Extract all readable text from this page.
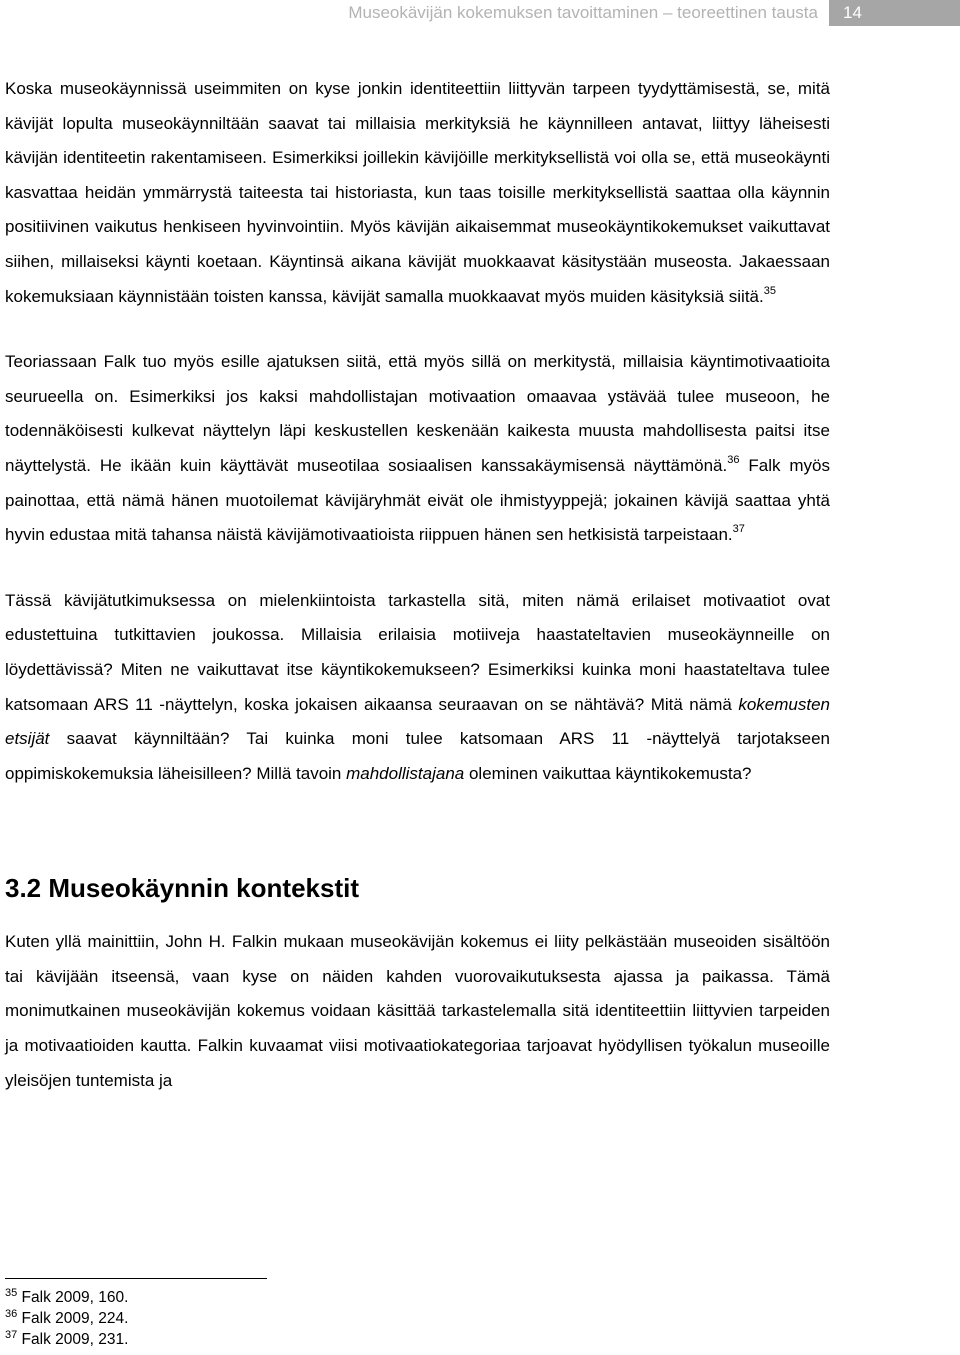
Museokävijän kokemuksen tavoittaminen – teoreettinen tausta 14

Koska museokäynnissä useimmiten on kyse jonkin identiteettiin liittyvän tarpeen tyydyttämisestä, se, mitä kävijät lopulta museokäynniltään saavat tai millaisia merkityksiä he käynnilleen antavat, liittyy läheisesti kävijän identiteetin rakentamiseen. Esimerkiksi joillekin kävijöille merkityksellistä voi olla se, että museokäynti kasvattaa heidän ymmärrystä taiteesta tai historiasta, kun taas toisille merkityksellistä saattaa olla käynnin positiivinen vaikutus henkiseen hyvinvointiin. Myös kävijän aikaisemmat museokäyntikokemukset vaikuttavat siihen, millaiseksi käynti koetaan. Käyntinsä aikana kävijät muokkaavat käsitystään museosta. Jakaessaan kokemuksiaan käynnistään toisten kanssa, kävijät samalla muokkaavat myös muiden käsityksiä siitä.$^{35}$

Teoriassaan Falk tuo myös esille ajatuksen siitä, että myös sillä on merkitystä, millaisia käyntimotivaatioita seurueella on. Esimerkiksi jos kaksi mahdollistajan motivaation omaavaa ystävää tulee museoon, he todennäköisesti kulkevat näyttelyn läpi keskustellen keskenään kaikesta muusta mahdollisesta paitsi itse näyttelystä. He ikään kuin käyttävät museotilaa sosiaalisen kanssakäymisensä näyttämönä.$^{36}$ Falk myös painottaa, että nämä hänen muotoilemat kävijäryhmät eivät ole ihmistyyppejä; jokainen kävijä saattaa yhtä hyvin edustaa mitä tahansa näistä kävijämotivaatioista riippuen hänen sen hetkisistä tarpeistaan.$^{37}$

Tässä kävijätutkimuksessa on mielenkiintoista tarkastella sitä, miten nämä erilaiset motivaatiot ovat edustettuina tutkittavien joukossa. Millaisia erilaisia motiiveja haastateltavien museokäynneille on löydettävissä? Miten ne vaikuttavat itse käyntikokemukseen? Esimerkiksi kuinka moni haastateltava tulee katsomaan ARS 11 -näyttelyn, koska jokaisen aikaansa seuraavan on se nähtävä? Mitä nämä kokemusten etsijät saavat käynniltään? Tai kuinka moni tulee katsomaan ARS 11 -näyttelyä tarjotakseen oppimiskokemuksia läheisilleen? Millä tavoin mahdollistajana oleminen vaikuttaa käyntikokemusta?

3.2 Museokäynnin kontekstit

Kuten yllä mainittiin, John H. Falkin mukaan museokävijän kokemus ei liity pelkästään museoiden sisältöön tai kävijään itseensä, vaan kyse on näiden kahden vuorovaikutuksesta ajassa ja paikassa. Tämä monimutkainen museokävijän kokemus voidaan käsittää tarkastelemalla sitä identiteettiin liittyvien tarpeiden ja motivaatioiden kautta. Falkin kuvaamat viisi motivaatiokategoriaa tarjoavat hyödyllisen työkalun museoille yleisöjen tuntemista ja

$^{35}$ Falk 2009, 160.
$^{36}$ Falk 2009, 224.
$^{37}$ Falk 2009, 231.
